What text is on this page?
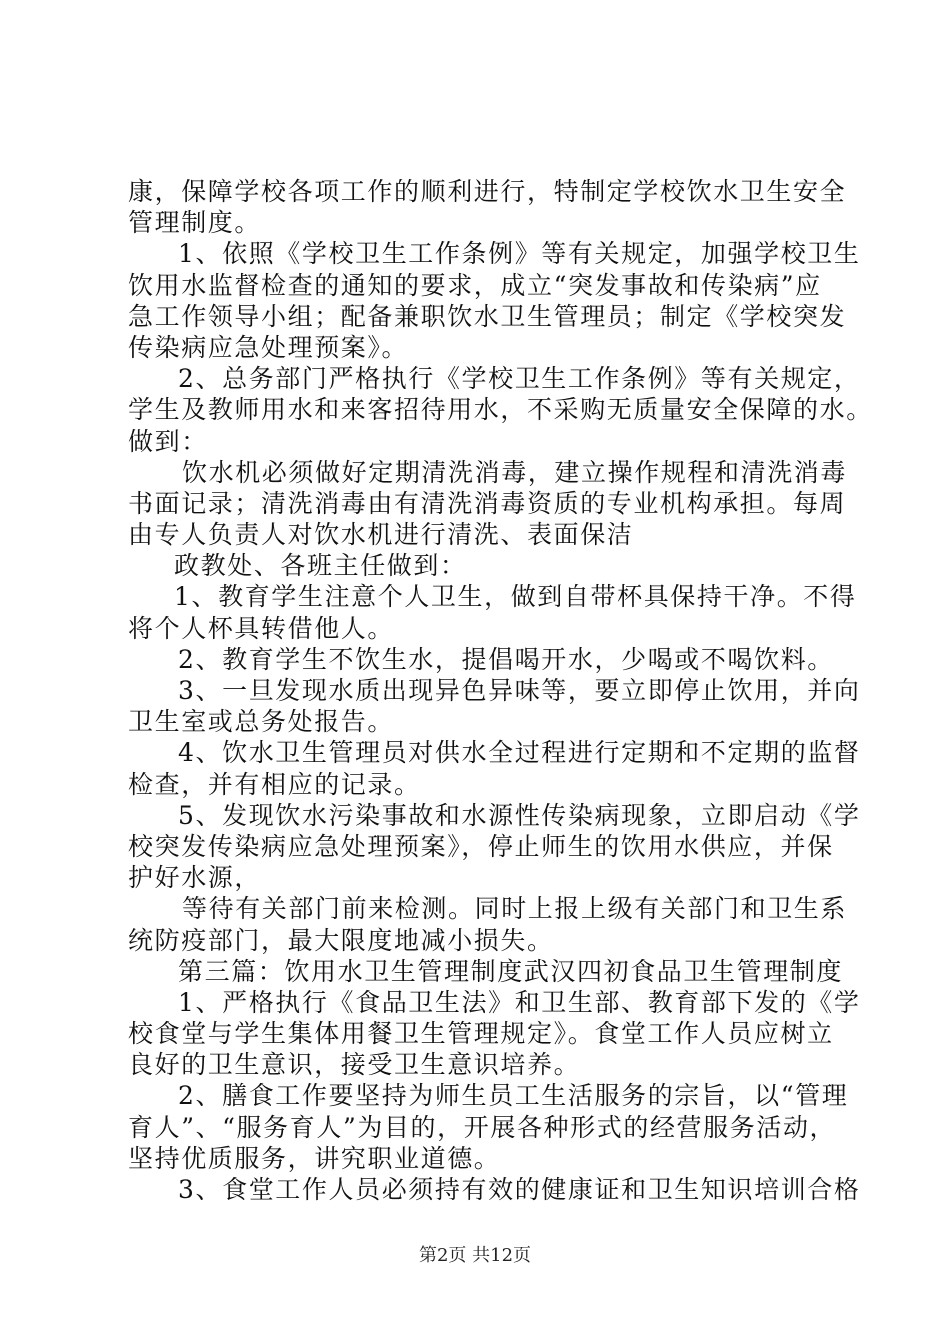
康，保障学校各项工作的顺利进行，特制定学校饮水卫生安全
管理制度。
1、依照《学校卫生工作条例》等有关规定，加强学校卫生
饮用水监督检查的通知的要求，成立“突发事故和传染病”应
急工作领导小组；配备兼职饮水卫生管理员；制定《学校突发
传染病应急处理预案》。
2、总务部门严格执行《学校卫生工作条例》等有关规定，
学生及教师用水和来客招待用水，不采购无质量安全保障的水。
做到：
饮水机必须做好定期清洗消毒，建立操作规程和清洗消毒
书面记录；清洗消毒由有清洗消毒资质的专业机构承担。每周
由专人负责人对饮水机进行清洗、表面保洁
政教处、各班主任做到：
1、教育学生注意个人卫生，做到自带杯具保持干净。不得
将个人杯具转借他人。
2、教育学生不饮生水，提倡喝开水，少喝或不喝饮料。
3、一旦发现水质出现异色异味等，要立即停止饮用，并向
卫生室或总务处报告。
4、饮水卫生管理员对供水全过程进行定期和不定期的监督
检查，并有相应的记录。
5、发现饮水污染事故和水源性传染病现象，立即启动《学
校突发传染病应急处理预案》，停止师生的饮用水供应，并保
护好水源，
等待有关部门前来检测。同时上报上级有关部门和卫生系
统防疫部门，最大限度地减小损失。
第三篇：饮用水卫生管理制度武汉四初食品卫生管理制度
1、严格执行《食品卫生法》和卫生部、教育部下发的《学
校食堂与学生集体用餐卫生管理规定》。食堂工作人员应树立
良好的卫生意识，接受卫生意识培养。
2、膳食工作要坚持为师生员工生活服务的宗旨，以“管理
育人”、“服务育人”为目的，开展各种形式的经营服务活动，
坚持优质服务，讲究职业道德。
3、食堂工作人员必须持有效的健康证和卫生知识培训合格
第2页 共12页
